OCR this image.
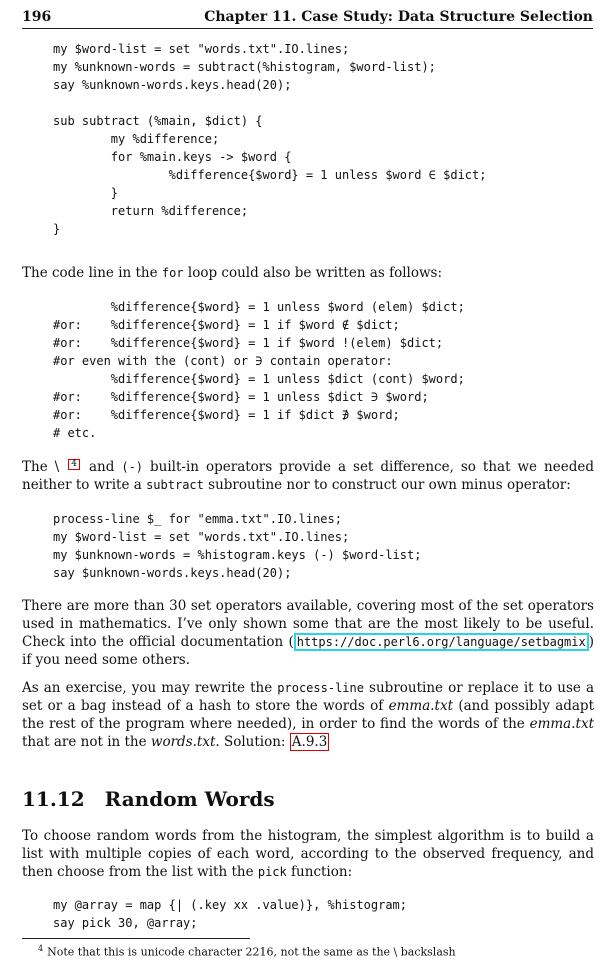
196	Chapter 11. Case Study: Data Structure Selection
my $word-list = set "words.txt".IO.lines;
my %unknown-words = subtract(%histogram, $word-list);
say %unknown-words.keys.head(20);

sub subtract (%main, $dict) {
my %difference;
for %main.keys -> $word {
%difference{$word} = 1 unless $word ∈ $dict;
}
return %difference;
}

The code line in the for loop could also be written as follows:

%difference{$word} = 1 unless $word (elem) $dict;
#or:    %difference{$word} = 1 if $word ∉ $dict;
#or:    %difference{$word} = 1 if $word !(elem) $dict;
#or even with the (cont) or ∋ contain operator:
%difference{$word} = 1 unless $dict (cont) $word;
#or:    %difference{$word} = 1 unless $dict ∋ $word;
#or:    %difference{$word} = 1 if $dict ∌ $word;
# etc.

The \ 4 and (-) built-in operators provide a set difference, so that we needed neither to write a subtract subroutine nor to construct our own minus operator:

process-line $_ for "emma.txt".IO.lines;
my $word-list = set "words.txt".IO.lines;
my $unknown-words = %histogram.keys (-) $word-list;
say $unknown-words.keys.head(20);

There are more than 30 set operators available, covering most of the set operators used in mathematics. I’ve only shown some that are the most likely to be useful. Check into the official documentation ( https://doc.perl6.org/language/setbagmix ) if you need some others.

As an exercise, you may rewrite the process-line subroutine or replace it to use a set or a bag instead of a hash to store the words of emma.txt (and possibly adapt the rest of the program where needed), in order to find the words of the emma.txt that are not in the words.txt. Solution: A.9.3

11.12 Random Words

To choose random words from the histogram, the simplest algorithm is to build a list with multiple copies of each word, according to the observed frequency, and then choose from the list with the pick function:

my @array = map {| (.key xx .value)}, %histogram;
say pick 30, @array;
$^4$ Note that this is unicode character 2216, not the same as the \ backslash
